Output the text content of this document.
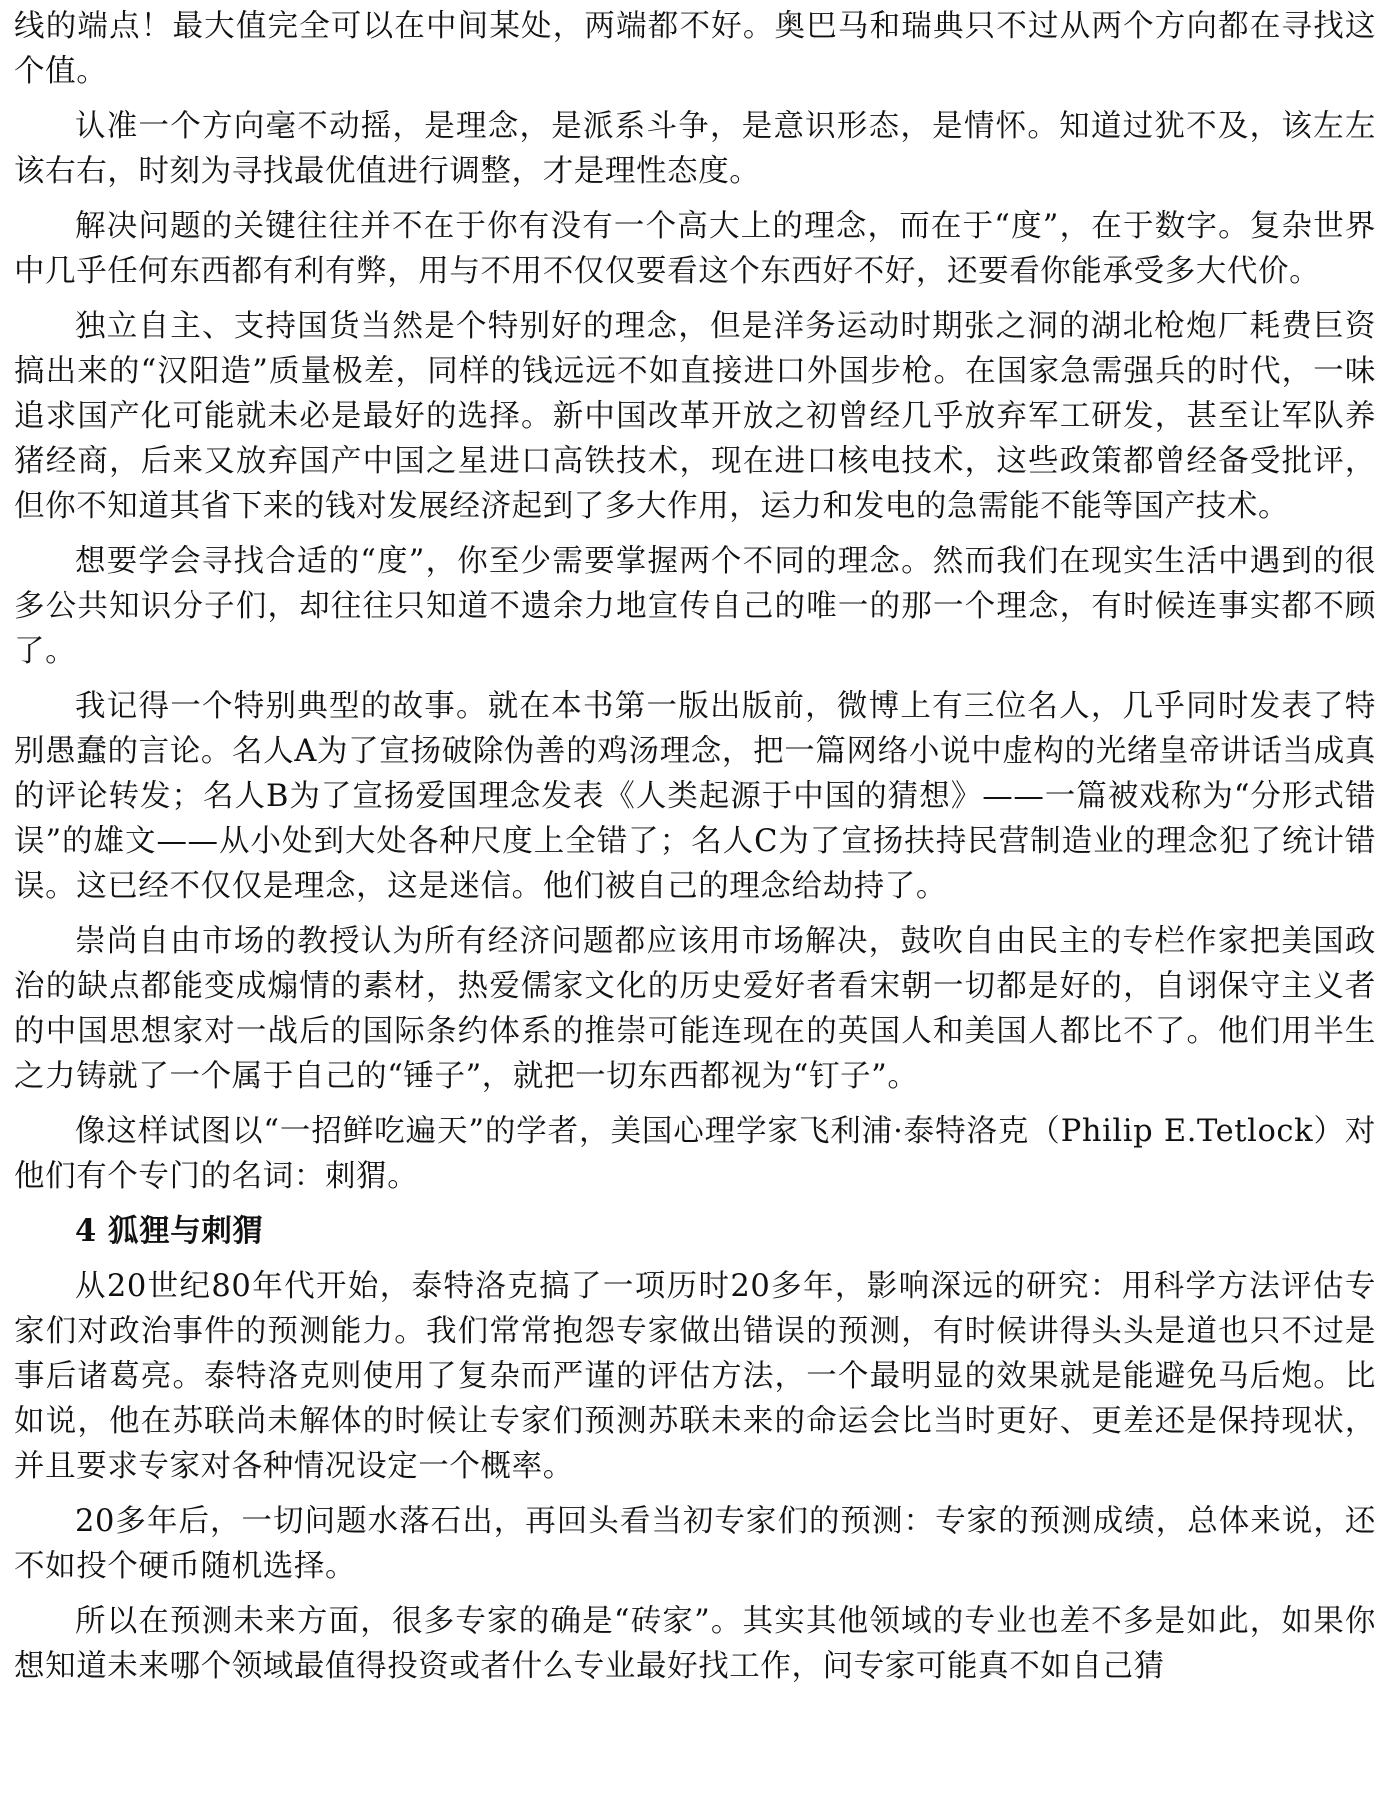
线的端点！最大值完全可以在中间某处，两端都不好。奥巴马和瑞典只不过从两个方向都在寻找这个值。

认准一个方向毫不动摇，是理念，是派系斗争，是意识形态，是情怀。知道过犹不及，该左左该右右，时刻为寻找最优值进行调整，才是理性态度。

解决问题的关键往往并不在于你有没有一个高大上的理念，而在于“度”，在于数字。复杂世界中几乎任何东西都有利有弊，用与不用不仅仅要看这个东西好不好，还要看你能承受多大代价。

独立自主、支持国货当然是个特别好的理念，但是洋务运动时期张之洞的湖北枪炮厂耗费巨资搞出来的“汉阳造”质量极差，同样的钱远远不如直接进口外国步枪。在国家急需强兵的时代，一味追求国产化可能就未必是最好的选择。新中国改革开放之初曾经几乎放弃军工研发，甚至让军队养猪经商，后来又放弃国产中国之星进口高铁技术，现在进口核电技术，这些政策都曾经备受批评，但你不知道其省下来的钱对发展经济起到了多大作用，运力和发电的急需能不能等国产技术。

想要学会寻找合适的“度”，你至少需要掌握两个不同的理念。然而我们在现实生活中遇到的很多公共知识分子们，却往往只知道不遗余力地宣传自己的唯一的那一个理念，有时候连事实都不顾了。

我记得一个特别典型的故事。就在本书第一版出版前，微博上有三位名人，几乎同时发表了特别愚蠢的言论。名人A为了宣扬破除伪善的鸡汤理念，把一篇网络小说中虚构的光绪皇帝讲话当成真的评论转发；名人B为了宣扬爱国理念发表《人类起源于中国的猜想》——一篇被戏称为“分形式错误”的雄文——从小处到大处各种尺度上全错了；名人C为了宣扬扶持民营制造业的理念犯了统计错误。这已经不仅仅是理念，这是迷信。他们被自己的理念给劫持了。

崇尚自由市场的教授认为所有经济问题都应该用市场解决，鼓吹自由民主的专栏作家把美国政治的缺点都能变成煽情的素材，热爱儒家文化的历史爱好者看宋朝一切都是好的，自诩保守主义者的中国思想家对一战后的国际条约体系的推崇可能连现在的英国人和美国人都比不了。他们用半生之力铸就了一个属于自己的“锤子”，就把一切东西都视为“钉子”。

像这样试图以“一招鲜吃遍天”的学者，美国心理学家飞利浦·泰特洛克（Philip E.Tetlock）对他们有个专门的名词：刺猬。

4 狐狸与刺猬

从20世纪80年代开始，泰特洛克搞了一项历时20多年，影响深远的研究：用科学方法评估专家们对政治事件的预测能力。我们常常抱怨专家做出错误的预测，有时候讲得头头是道也只不过是事后诸葛亮。泰特洛克则使用了复杂而严谨的评估方法，一个最明显的效果就是能避免马后炮。比如说，他在苏联尚未解体的时候让专家们预测苏联未来的命运会比当时更好、更差还是保持现状，并且要求专家对各种情况设定一个概率。

20多年后，一切问题水落石出，再回头看当初专家们的预测：专家的预测成绩，总体来说，还不如投个硬币随机选择。

所以在预测未来方面，很多专家的确是“砖家”。其实其他领域的专业也差不多是如此，如果你想知道未来哪个领域最值得投资或者什么专业最好找工作，问专家可能真不如自己猜
